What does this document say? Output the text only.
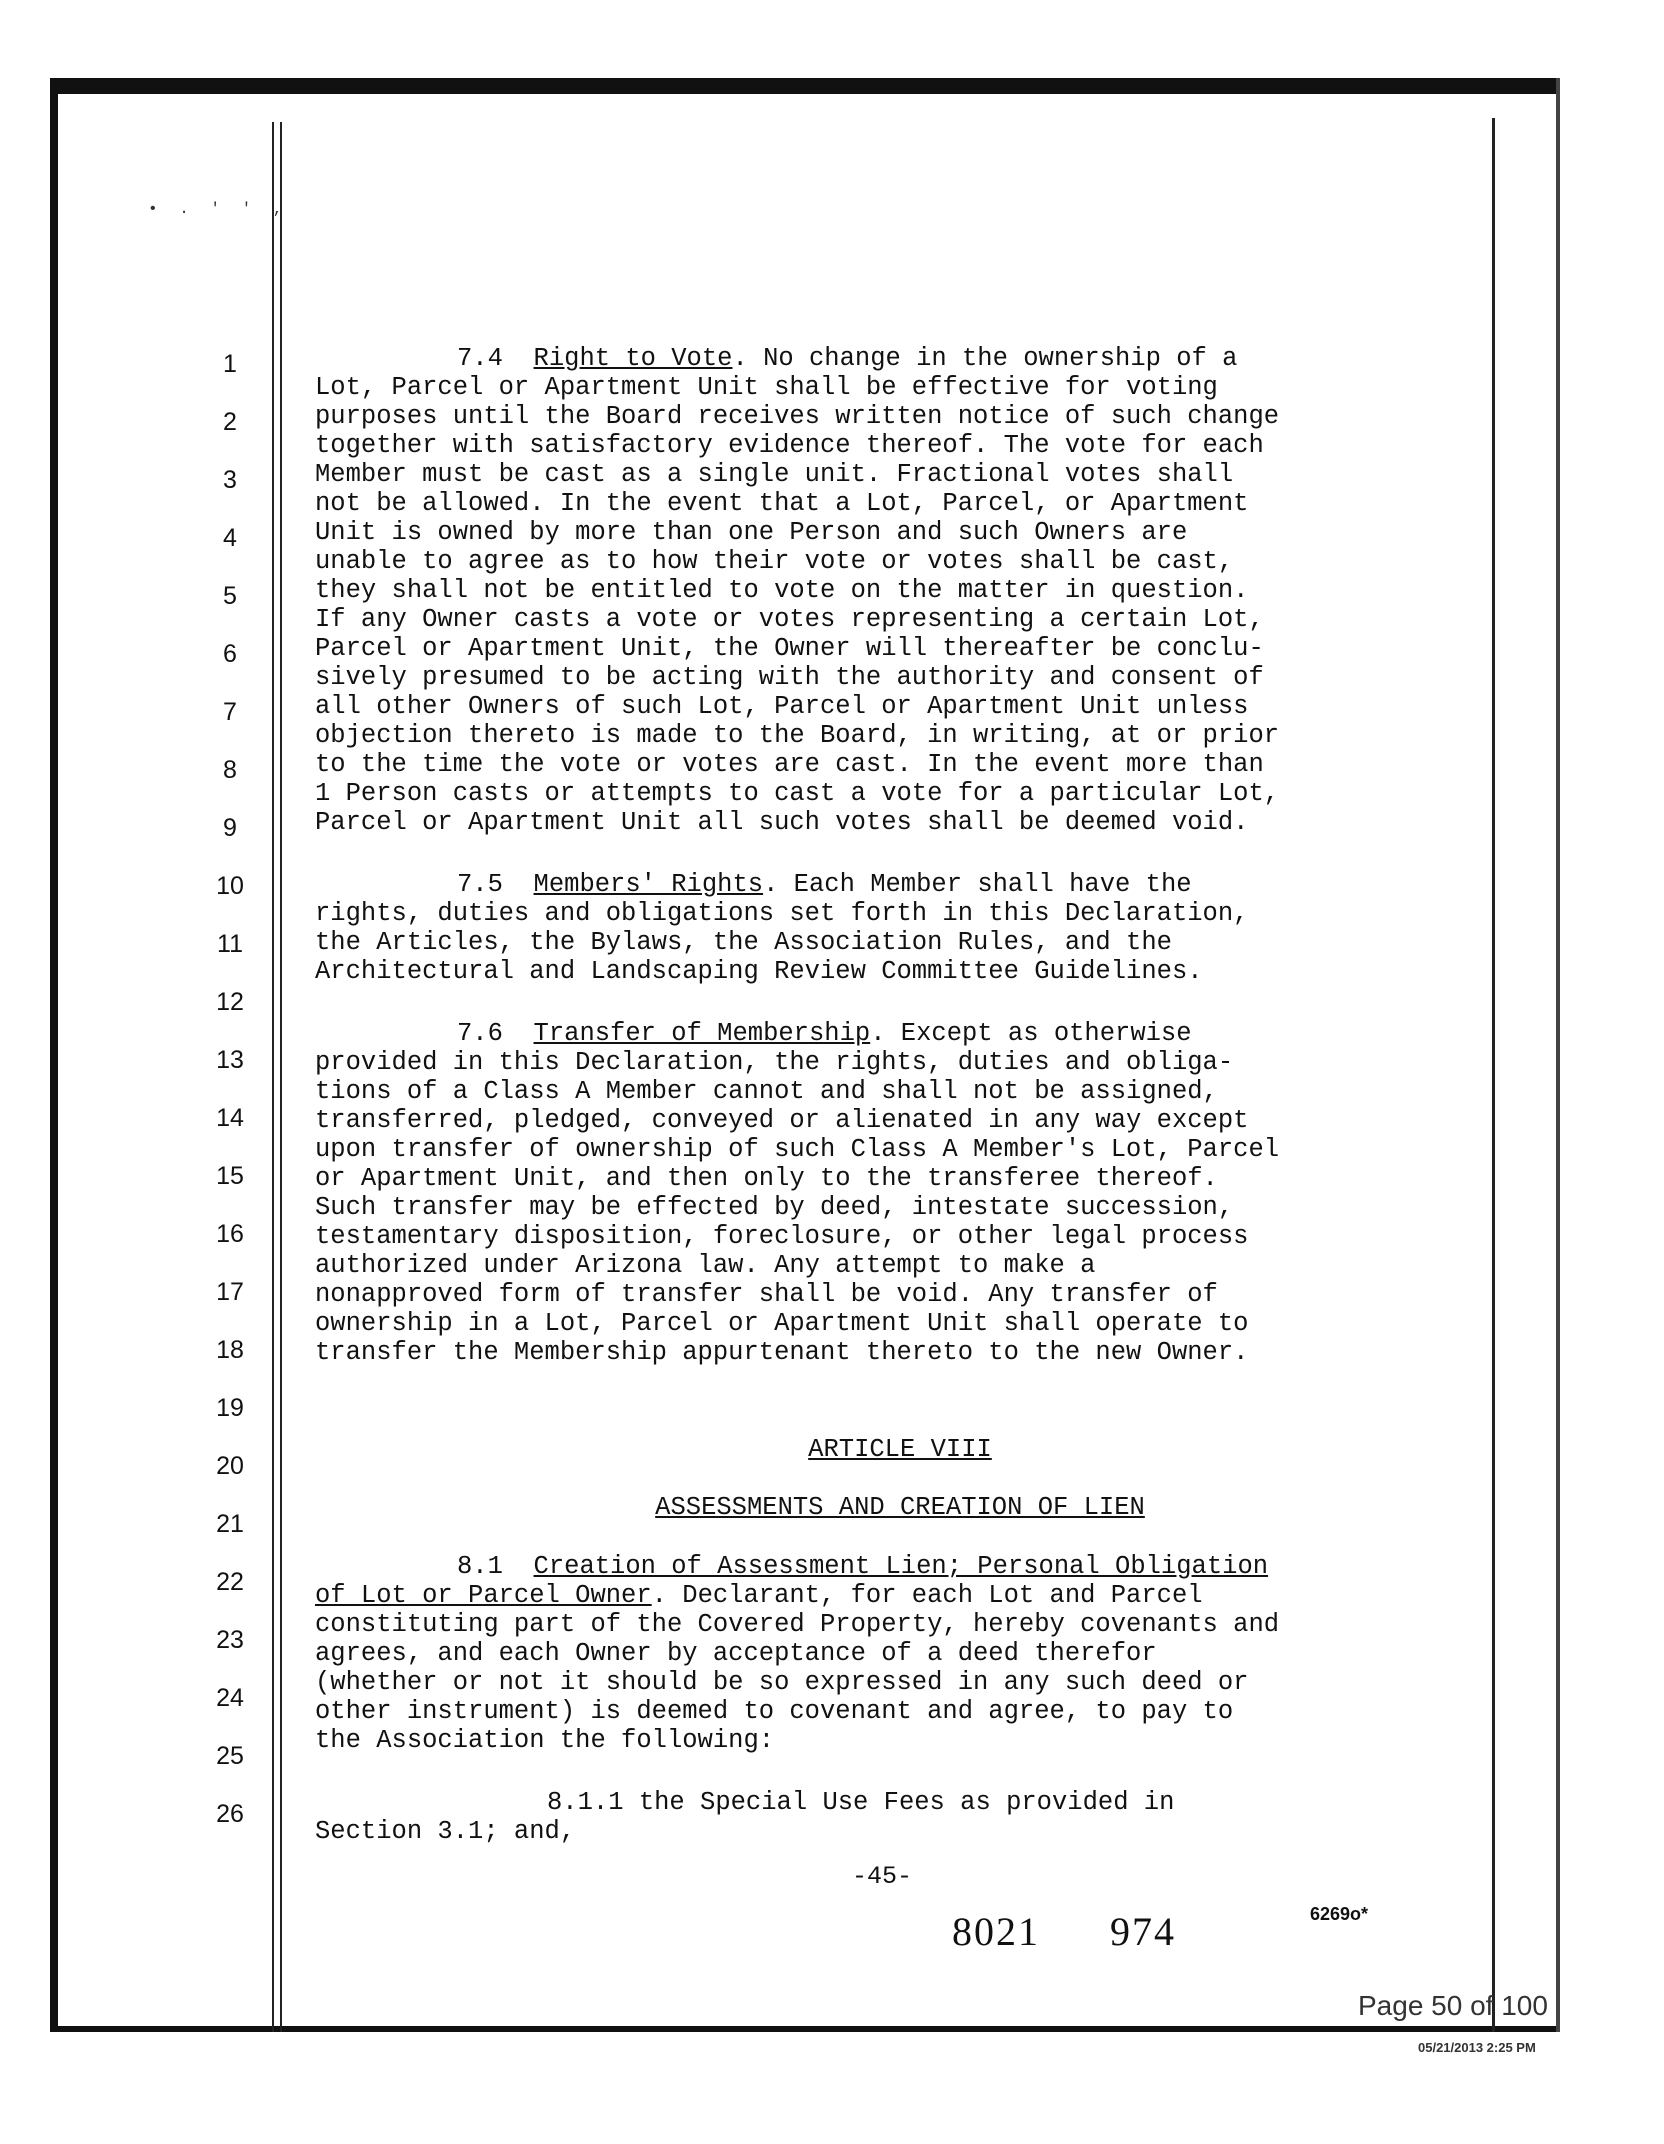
• . ' ' ,
1
2
3
4
5
6
7
8
9
10
11
12
13
14
15
16
17
18
19
20
21
22
23
24
25
26
7.4 Right to Vote. No change in the ownership of a
Lot, Parcel or Apartment Unit shall be effective for voting
purposes until the Board receives written notice of such change
together with satisfactory evidence thereof. The vote for each
Member must be cast as a single unit. Fractional votes shall
not be allowed. In the event that a Lot, Parcel, or Apartment
Unit is owned by more than one Person and such Owners are
unable to agree as to how their vote or votes shall be cast,
they shall not be entitled to vote on the matter in question.
If any Owner casts a vote or votes representing a certain Lot,
Parcel or Apartment Unit, the Owner will thereafter be conclu-
sively presumed to be acting with the authority and consent of
all other Owners of such Lot, Parcel or Apartment Unit unless
objection thereto is made to the Board, in writing, at or prior
to the time the vote or votes are cast. In the event more than
1 Person casts or attempts to cast a vote for a particular Lot,
Parcel or Apartment Unit all such votes shall be deemed void.
7.5 Members' Rights. Each Member shall have the
rights, duties and obligations set forth in this Declaration,
the Articles, the Bylaws, the Association Rules, and the
Architectural and Landscaping Review Committee Guidelines.
7.6 Transfer of Membership. Except as otherwise
provided in this Declaration, the rights, duties and obliga-
tions of a Class A Member cannot and shall not be assigned,
transferred, pledged, conveyed or alienated in any way except
upon transfer of ownership of such Class A Member's Lot, Parcel
or Apartment Unit, and then only to the transferee thereof.
Such transfer may be effected by deed, intestate succession,
testamentary disposition, foreclosure, or other legal process
authorized under Arizona law. Any attempt to make a
nonapproved form of transfer shall be void. Any transfer of
ownership in a Lot, Parcel or Apartment Unit shall operate to
transfer the Membership appurtenant thereto to the new Owner.

ARTICLE VIII

ASSESSMENTS AND CREATION OF LIEN

8.1 Creation of Assessment Lien; Personal Obligation
of Lot or Parcel Owner. Declarant, for each Lot and Parcel
constituting part of the Covered Property, hereby covenants and
agrees, and each Owner by acceptance of a deed therefor
(whether or not it should be so expressed in any such deed or
other instrument) is deemed to covenant and agree, to pay to
the Association the following:
8.1.1 the Special Use Fees as provided in
Section 3.1; and,
-45-
6269o*
8021 974
Page 50 of 100
05/21/2013 2:25 PM
